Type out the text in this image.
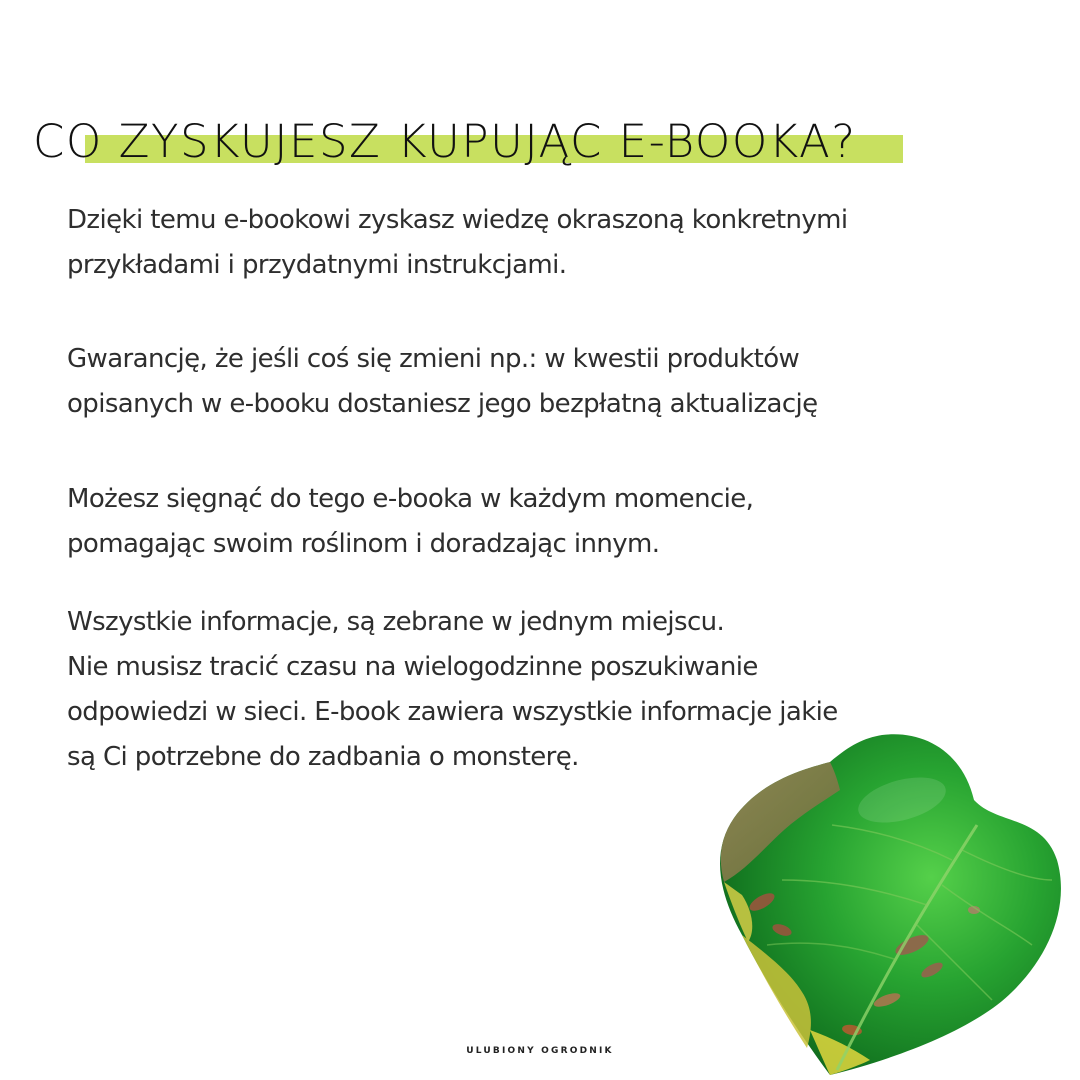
CO ZYSKUJESZ KUPUJĄC E-BOOKA?

Dzięki temu e-bookowi zyskasz wiedzę okraszoną konkretnymi

przykładami i przydatnymi instrukcjami.

Gwarancję, że jeśli coś się zmieni np.: w kwestii produktów

opisanych w e-booku dostaniesz jego bezpłatną aktualizację

Możesz sięgnąć do tego e-booka w każdym momencie,

pomagając swoim roślinom i doradzając innym.

Wszystkie informacje, są zebrane w jednym miejscu.

Nie musisz tracić czasu na wielogodzinne poszukiwanie

odpowiedzi w sieci. E-book zawiera wszystkie informacje jakie

są Ci potrzebne do zadbania o monsterę.

ULUBIONY OGRODNIK
